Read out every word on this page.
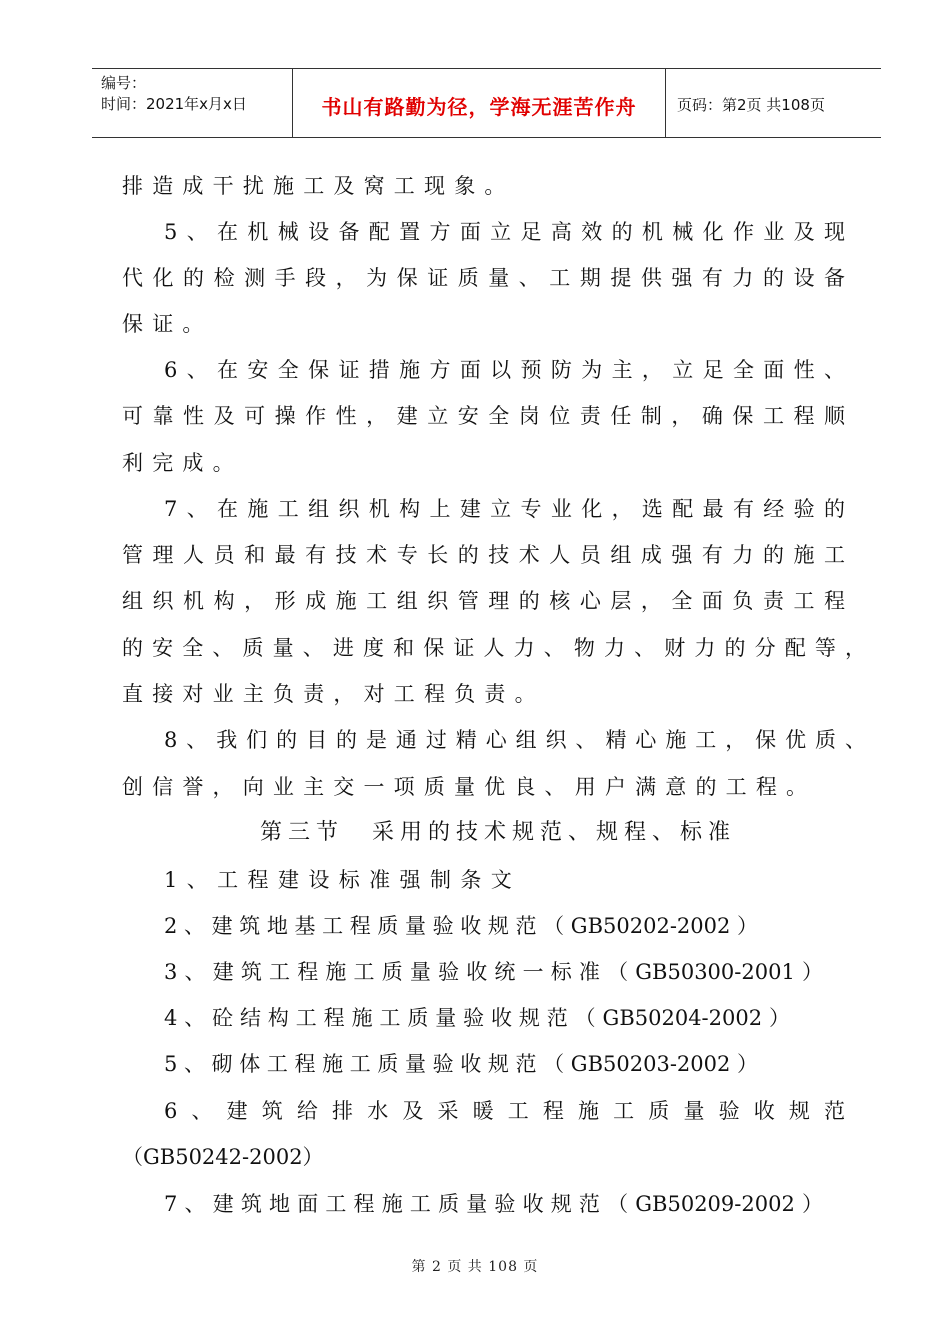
编号：
时间：2021年x月x日	书山有路勤为径，学海无涯苦作舟	页码：第2页 共108页
排造成干扰施工及窝工现象。
5、在机械设备配置方面立足高效的机械化作业及现
代化的检测手段，为保证质量、工期提供强有力的设备
保证。
6、在安全保证措施方面以预防为主，立足全面性、
可靠性及可操作性，建立安全岗位责任制，确保工程顺
利完成。
7、在施工组织机构上建立专业化，选配最有经验的
管理人员和最有技术专长的技术人员组成强有力的施工
组织机构，形成施工组织管理的核心层，全面负责工程
的安全、质量、进度和保证人力、物力、财力的分配等，
直接对业主负责，对工程负责。
8、我们的目的是通过精心组织、精心施工，保优质、
创信誉，向业主交一项质量优良、用户满意的工程。
第三节　采用的技术规范、规程、标准
1、工程建设标准强制条文
2、建筑地基工程质量验收规范（GB50202-2002）
3、建筑工程施工质量验收统一标准（GB50300-2001）
4、砼结构工程施工质量验收规范（GB50204-2002）
5、砌体工程施工质量验收规范（GB50203-2002）
6、建筑给排水及采暖工程施工质量验收规范
（GB50242-2002）
7、建筑地面工程施工质量验收规范（GB50209-2002）
第 2 页 共 108 页
